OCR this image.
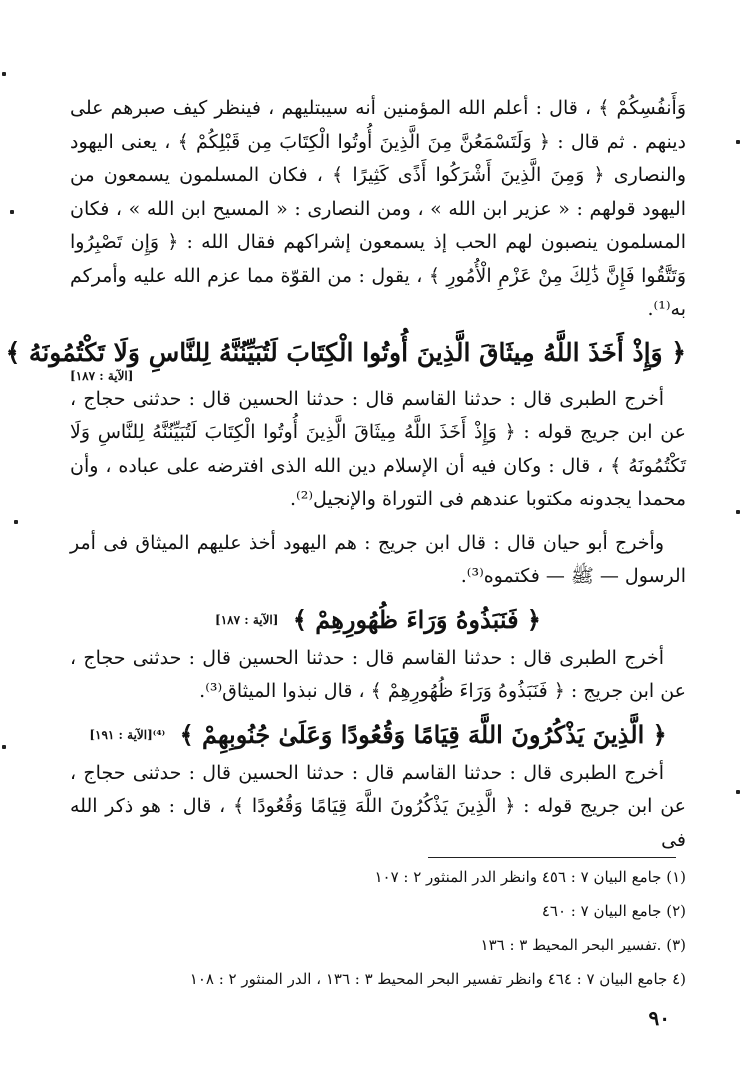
وَأَنفُسِكُمْ ﴾ ، قال : أعلم الله المؤمنين أنه سيبتليهم ، فينظر كيف صبرهم على دينهم . ثم قال : ﴿ وَلَتَسْمَعُنَّ مِنَ الَّذِينَ أُوتُوا الْكِتَابَ مِن قَبْلِكُمْ ﴾ ، يعنى اليهود والنصارى ﴿ وَمِنَ الَّذِينَ أَشْرَكُوا أَذًى كَثِيرًا ﴾ ، فكان المسلمون يسمعون من اليهود قولهم : « عزير ابن الله » ، ومن النصارى : « المسيح ابن الله » ، فكان المسلمون ينصبون لهم الحب إذ يسمعون إشراكهم فقال الله : ﴿ وَإِن تَصْبِرُوا وَتَتَّقُوا فَإِنَّ ذَٰلِكَ مِنْ عَزْمِ الْأُمُورِ ﴾ ، يقول : من القوّة مما عزم الله عليه وأمركم به⁽¹⁾.

﴿ وَإِذْ أَخَذَ اللَّهُ مِيثَاقَ الَّذِينَ أُوتُوا الْكِتَابَ لَتُبَيِّنُنَّهُ لِلنَّاسِ وَلَا تَكْتُمُونَهُ ﴾
[الآية : ١٨٧]

أخرج الطبرى قال : حدثنا القاسم قال : حدثنا الحسين قال : حدثنى حجاج ، عن ابن جريج قوله : ﴿ وَإِذْ أَخَذَ اللَّهُ مِيثَاقَ الَّذِينَ أُوتُوا الْكِتَابَ لَتُبَيِّنُنَّهُ لِلنَّاسِ وَلَا تَكْتُمُونَهُ ﴾ ، قال : وكان فيه أن الإسلام دين الله الذى افترضه على عباده ، وأن محمدا يجدونه مكتوبا عندهم فى التوراة والإنجيل⁽²⁾.

وأخرج أبو حيان قال : قال ابن جريج : هم اليهود أخذ عليهم الميثاق فى أمر الرسول — ﷺ — فكتموه⁽³⁾.

﴿ فَنَبَذُوهُ وَرَاءَ ظُهُورِهِمْ ﴾ [الآية : ١٨٧]

أخرج الطبرى قال : حدثنا القاسم قال : حدثنا الحسين قال : حدثنى حجاج ، عن ابن جريج : ﴿ فَنَبَذُوهُ وَرَاءَ ظُهُورِهِمْ ﴾ ، قال نبذوا الميثاق⁽³⁾.

﴿ الَّذِينَ يَذْكُرُونَ اللَّهَ قِيَامًا وَقُعُودًا وَعَلَىٰ جُنُوبِهِمْ ﴾ $^{^{(4)}[الآية : ١٩١]}$

أخرج الطبرى قال : حدثنا القاسم قال : حدثنا الحسين قال : حدثنى حجاج ، عن ابن جريج قوله : ﴿ الَّذِينَ يَذْكُرُونَ اللَّهَ قِيَامًا وَقُعُودًا ﴾ ، قال : هو ذكر الله فى

(١) جامع البيان ٧ : ٤٥٦ وانظر الدر المنثور ٢ : ١٠٧

(٢) جامع البيان ٧ : ٤٦٠

(٣) .تفسير البحر المحيط ٣ : ١٣٦

(٤ جامع البيان ٧ : ٤٦٤ وانظر تفسير البحر المحيط ٣ : ١٣٦ ، الدر المنثور ٢ : ١٠٨

٩٠
